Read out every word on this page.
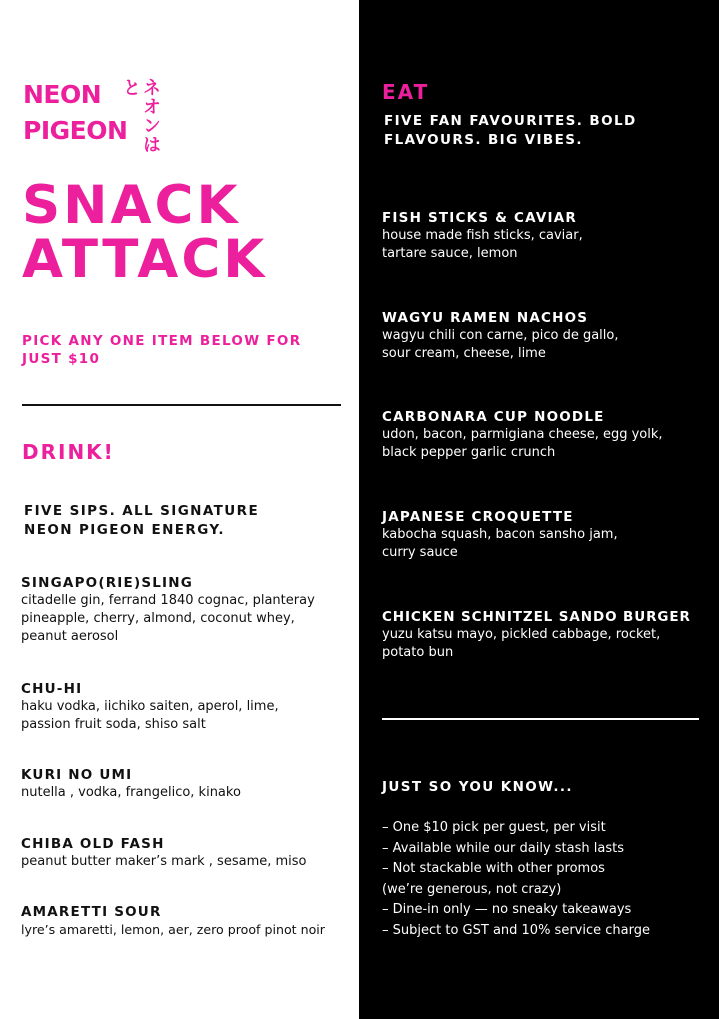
NEON
PIGEON ネオンはと
SNACK
ATTACK
PICK ANY ONE ITEM BELOW FOR JUST $10
DRINK!
FIVE SIPS. ALL SIGNATURE
NEON PIGEON ENERGY.
SINGAPO(RIE)SLING
citadelle gin, ferrand 1840 cognac, planteray
pineapple, cherry, almond, coconut whey,
peanut aerosol
CHU-HI
haku vodka, iichiko saiten, aperol, lime,
passion fruit soda, shiso salt
KURI NO UMI
nutella , vodka, frangelico, kinako
CHIBA OLD FASH
peanut butter maker’s mark , sesame, miso
AMARETTI SOUR
lyre’s amaretti, lemon, aer, zero proof pinot noir
EAT
FIVE FAN FAVOURITES. BOLD
FLAVOURS. BIG VIBES.
FISH STICKS & CAVIAR
house made fish sticks, caviar,
tartare sauce, lemon
WAGYU RAMEN NACHOS
wagyu chili con carne, pico de gallo,
sour cream, cheese, lime
CARBONARA CUP NOODLE
udon, bacon, parmigiana cheese, egg yolk,
black pepper garlic crunch
JAPANESE CROQUETTE
kabocha squash, bacon sansho jam,
curry sauce
CHICKEN SCHNITZEL SANDO BURGER
yuzu katsu mayo, pickled cabbage, rocket,
potato bun
JUST SO YOU KNOW...
– One $10 pick per guest, per visit
– Available while our daily stash lasts
– Not stackable with other promos
(we’re generous, not crazy)
– Dine-in only — no sneaky takeaways
– Subject to GST and 10% service charge
